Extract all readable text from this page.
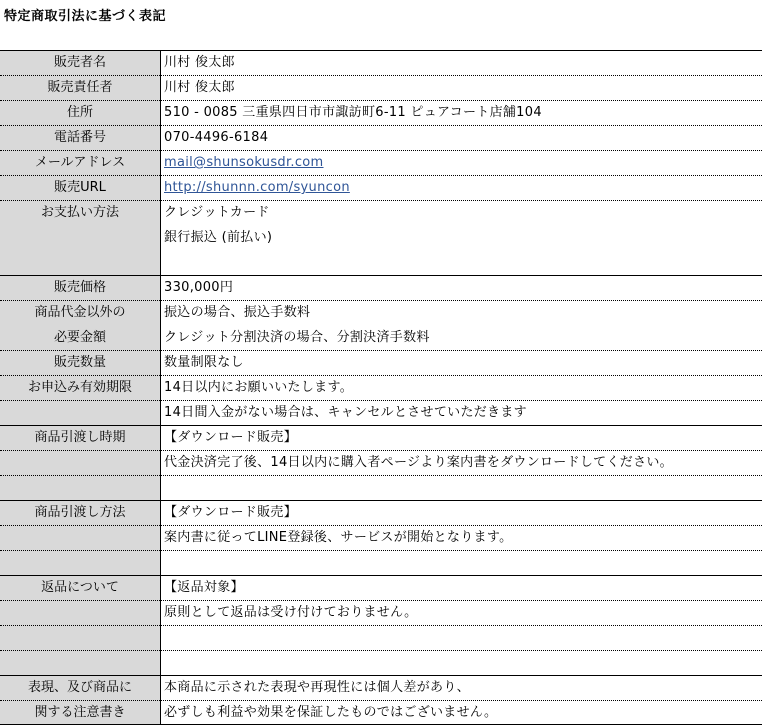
特定商取引法に基づく表記
販売者名
販売責任者
住所
電話番号
メールアドレス
販売URL
お支払い方法
販売価格
商品代金以外の
必要金額
販売数量
お申込み有効期限
商品引渡し時期
商品引渡し方法
返品について
表現、及び商品に
関する注意書き
川村 俊太郎
川村 俊太郎
510 - 0085 三重県四日市市諏訪町6-11 ピュアコート店舗104
070-4496-6184
mail@shunsokusdr.com
http://shunnn.com/syuncon
クレジットカード
銀行振込 (前払い)
330,000円
振込の場合、振込手数料
クレジット分割決済の場合、分割決済手数料
数量制限なし
14日以内にお願いいたします。
14日間入金がない場合は、キャンセルとさせていただきます
【ダウンロード販売】
代金決済完了後、14日以内に購入者ページより案内書をダウンロードしてください。
【ダウンロード販売】
案内書に従ってLINE登録後、サービスが開始となります。
【返品対象】
原則として返品は受け付けておりません。
本商品に示された表現や再現性には個人差があり、
必ずしも利益や効果を保証したものではございません。
